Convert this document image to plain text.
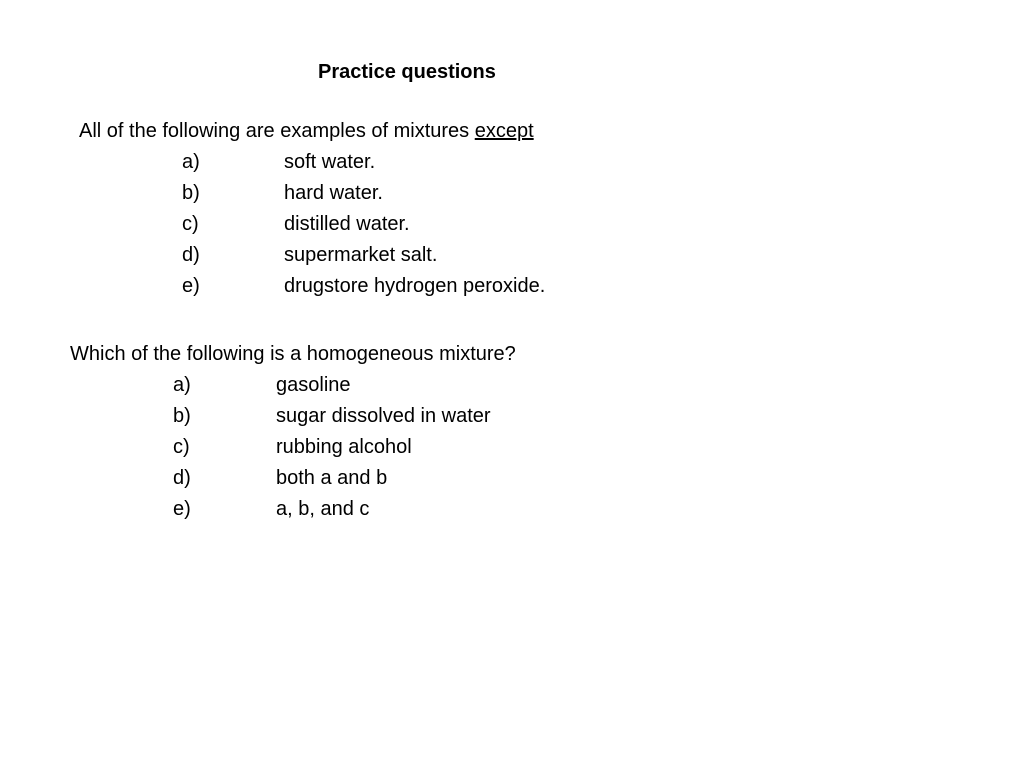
Practice questions
All of the following are examples of mixtures except
a)	soft water.
b)	hard water.
c)	distilled water.
d)	supermarket salt.
e)	drugstore hydrogen peroxide.
Which of the following is a homogeneous mixture?
a)	gasoline
b)	sugar dissolved in water
c)	rubbing alcohol
d)	both a and b
e)	a, b, and c
